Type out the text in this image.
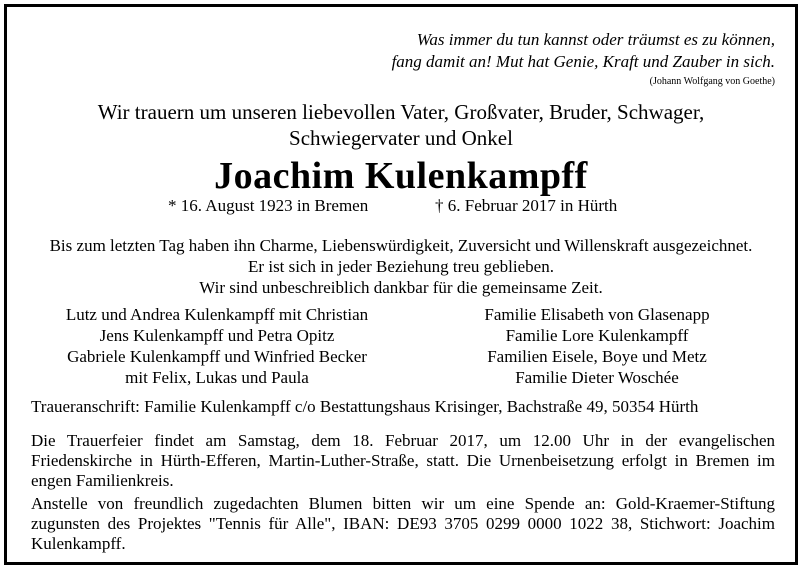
Was immer du tun kannst oder träumst es zu können,
fang damit an! Mut hat Genie, Kraft und Zauber in sich.
(Johann Wolfgang von Goethe)
Wir trauern um unseren liebevollen Vater, Großvater, Bruder, Schwager,
Schwiegervater und Onkel
Joachim Kulenkampff
* 16. August 1923 in Bremen	† 6. Februar 2017 in Hürth
Bis zum letzten Tag haben ihn Charme, Liebenswürdigkeit, Zuversicht und Willenskraft ausgezeichnet.
Er ist sich in jeder Beziehung treu geblieben.
Wir sind unbeschreiblich dankbar für die gemeinsame Zeit.
Lutz und Andrea Kulenkampff mit Christian
Jens Kulenkampff und Petra Opitz
Gabriele Kulenkampff und Winfried Becker
mit Felix, Lukas und Paula
Familie Elisabeth von Glasenapp
Familie Lore Kulenkampff
Familien Eisele, Boye und Metz
Familie Dieter Woschée
Traueranschrift: Familie Kulenkampff c/o Bestattungshaus Krisinger, Bachstraße 49, 50354 Hürth
Die Trauerfeier findet am Samstag, dem 18. Februar 2017, um 12.00 Uhr in der evangelischen Friedenskirche in Hürth-Efferen, Martin-Luther-Straße, statt. Die Urnenbeisetzung erfolgt in Bremen im engen Familienkreis.
Anstelle von freundlich zugedachten Blumen bitten wir um eine Spende an: Gold-Kraemer-Stiftung zugunsten des Projektes "Tennis für Alle", IBAN: DE93 3705 0299 0000 1022 38, Stichwort: Joachim Kulenkampff.
